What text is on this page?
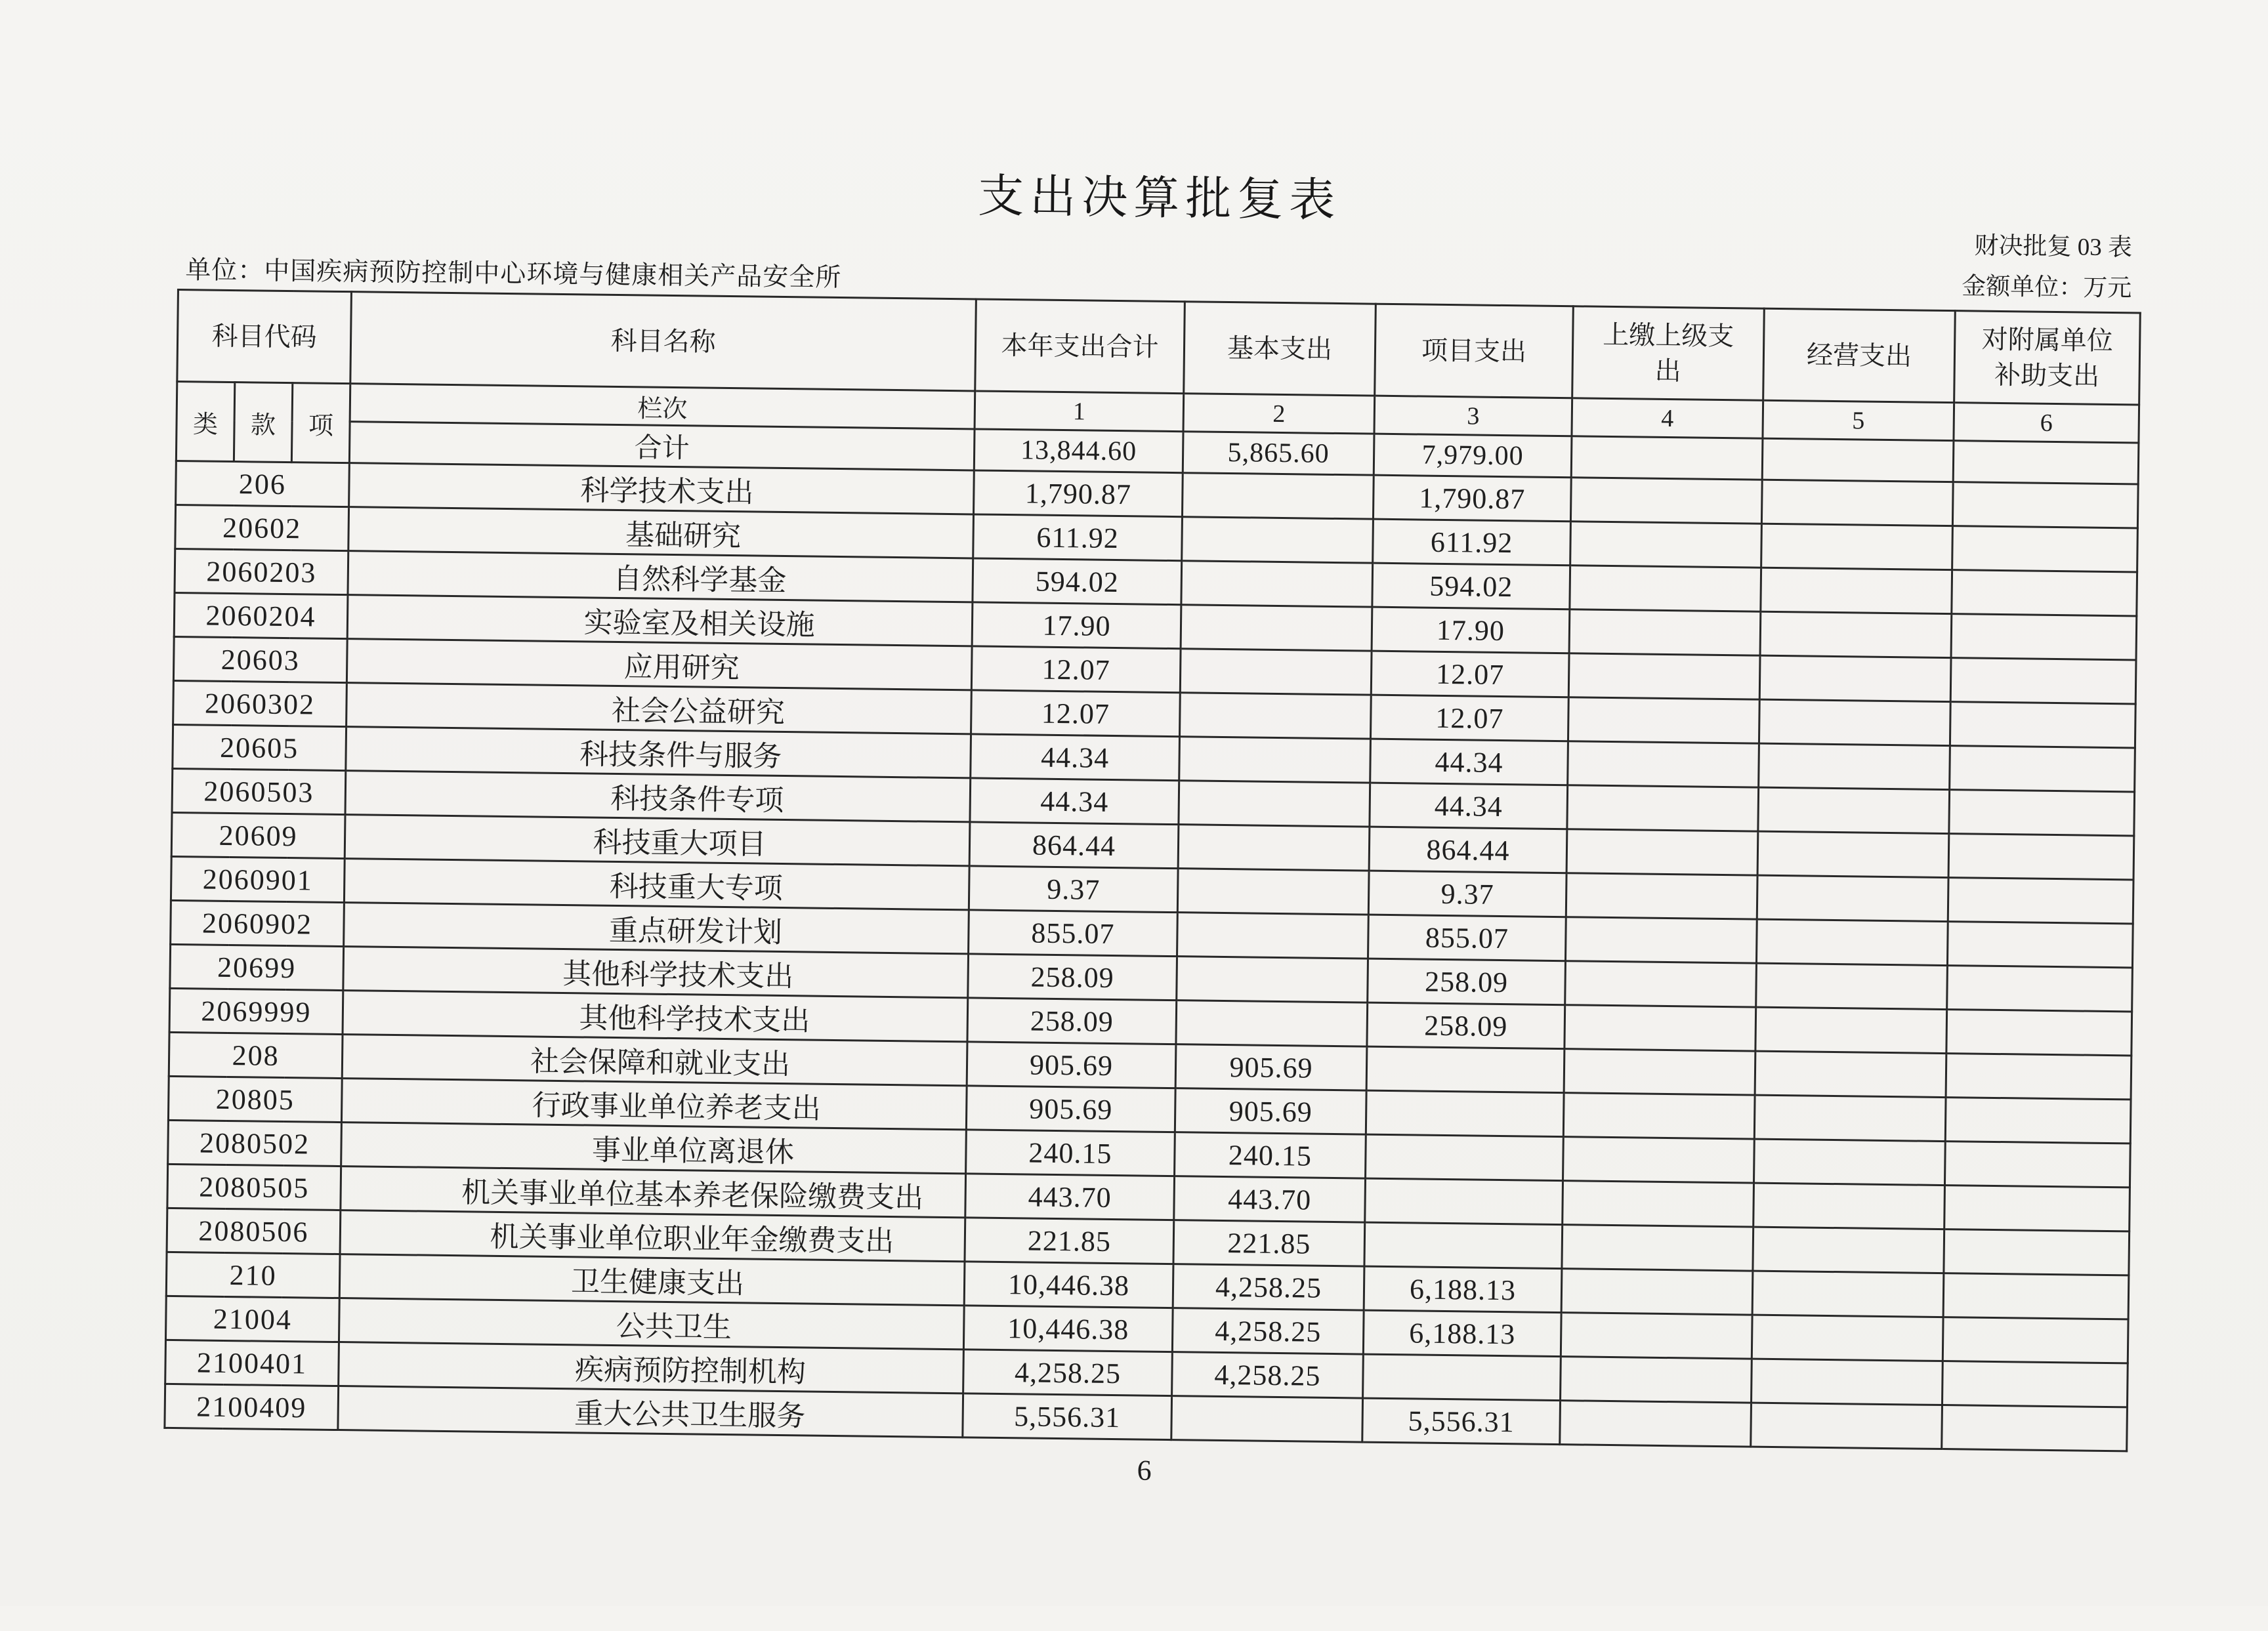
支出决算批复表
财决批复 03 表
金额单位：万元
单位：中国疾病预防控制中心环境与健康相关产品安全所
科目代码			科目名称	本年支出合计	基本支出	项目支出	上缴上级支出	经营支出	对附属单位补助支出
类	款	项	栏次	1	2	3	4	5	6
			合计	13,844.60	5,865.60	7,979.00			
206			科学技术支出	1,790.87		1,790.87			
20602			基础研究	611.92		611.92			
2060203			自然科学基金	594.02		594.02			
2060204			实验室及相关设施	17.90		17.90			
20603			应用研究	12.07		12.07			
2060302			社会公益研究	12.07		12.07			
20605			科技条件与服务	44.34		44.34			
2060503			科技条件专项	44.34		44.34			
20609			科技重大项目	864.44		864.44			
2060901			科技重大专项	9.37		9.37			
2060902			重点研发计划	855.07		855.07			
20699			其他科学技术支出	258.09		258.09			
2069999			其他科学技术支出	258.09		258.09			
208			社会保障和就业支出	905.69	905.69				
20805			行政事业单位养老支出	905.69	905.69				
2080502			事业单位离退休	240.15	240.15				
2080505			机关事业单位基本养老保险缴费支出	443.70	443.70				
2080506			机关事业单位职业年金缴费支出	221.85	221.85				
210			卫生健康支出	10,446.38	4,258.25	6,188.13			
21004			公共卫生	10,446.38	4,258.25	6,188.13			
2100401			疾病预防控制机构	4,258.25	4,258.25				
2100409			重大公共卫生服务	5,556.31		5,556.31			
6
